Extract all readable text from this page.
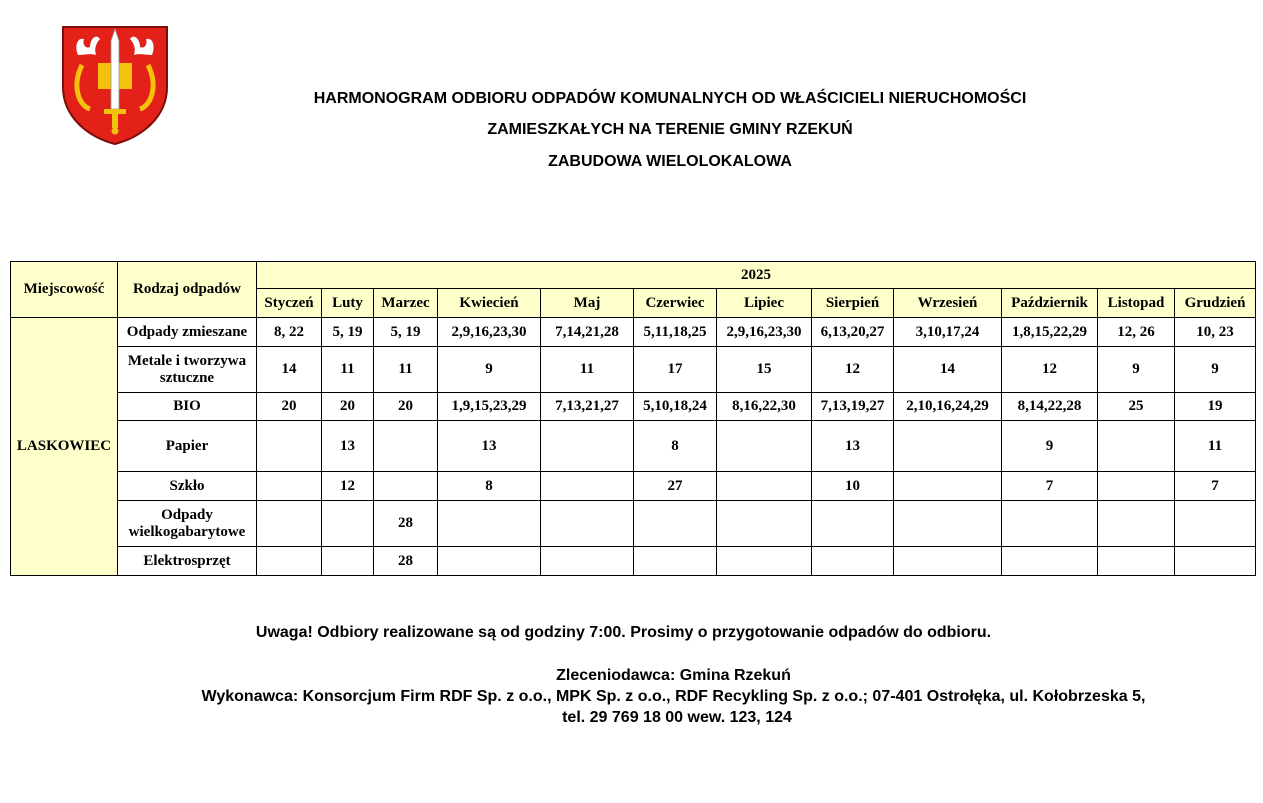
HARMONOGRAM ODBIORU ODPADÓW KOMUNALNYCH OD WŁAŚCICIELI NIERUCHOMOŚCI
ZAMIESZKAŁYCH NA TERENIE GMINY RZEKUŃ
ZABUDOWA WIELOLOKALOWA
Miejscowość	Rodzaj odpadów	2025											
		Styczeń	Luty	Marzec	Kwiecień	Maj	Czerwiec	Lipiec	Sierpień	Wrzesień	Październik	Listopad	Grudzień
LASKOWIEC	Odpady zmieszane	8, 22	5, 19	5, 19	2,9,16,23,30	7,14,21,28	5,11,18,25	2,9,16,23,30	6,13,20,27	3,10,17,24	1,8,15,22,29	12, 26	10, 23
	Metale i tworzywa sztuczne	14	11	11	9	11	17	15	12	14	12	9	9
	BIO	20	20	20	1,9,15,23,29	7,13,21,27	5,10,18,24	8,16,22,30	7,13,19,27	2,10,16,24,29	8,14,22,28	25	19
	Papier		13		13		8		13		9		11
	Szkło		12		8		27		10		7		7
	Odpady wielkogabarytowe			28									
	Elektrosprzęt			28									
Uwaga! Odbiory realizowane są od godziny 7:00. Prosimy o przygotowanie odpadów do odbioru.
Zleceniodawca: Gmina Rzekuń
Wykonawca: Konsorcjum Firm RDF Sp. z o.o., MPK Sp. z o.o., RDF Recykling Sp. z o.o.; 07-401 Ostrołęka, ul. Kołobrzeska 5,
tel. 29 769 18 00 wew. 123, 124
